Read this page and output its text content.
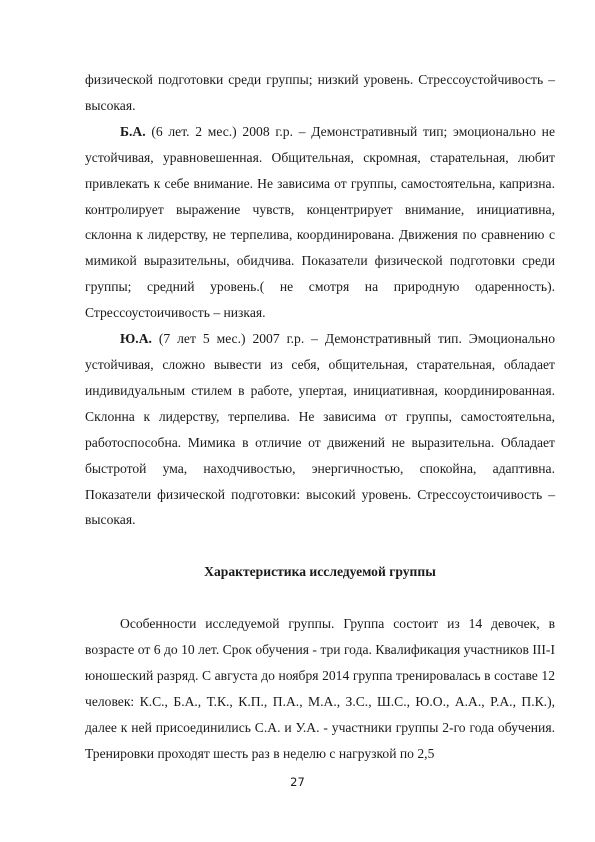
физической подготовки среди группы; низкий уровень. Стрессоустойчивость – высокая.

Б.А. (6 лет. 2 мес.) 2008 г.р. – Демонстративный тип; эмоционально не устойчивая, уравновешенная. Общительная, скромная, старательная, любит привлекать к себе внимание. Не зависима от группы, самостоятельна, капризна. контролирует выражение чувств, концентрирует внимание, инициативна, склонна к лидерству, не терпелива, координирована. Движения по сравнению с мимикой выразительны, обидчива. Показатели физической подготовки среди группы; средний уровень.( не смотря на природную одаренность). Стрессоустоичивость – низкая.

Ю.А. (7 лет 5 мес.) 2007 г.р. – Демонстративный тип. Эмоционально устойчивая, сложно вывести из себя, общительная, старательная, обладает индивидуальным стилем в работе, упертая, инициативная, координированная. Склонна к лидерству, терпелива. Не зависима от группы, самостоятельна, работоспособна. Мимика в отличие от движений не выразительна. Обладает быстротой ума, находчивостью, энергичностью, спокойна, адаптивна. Показатели физической подготовки: высокий уровень. Стрессоустоичивость – высокая.

Характеристика исследуемой группы

Особенности исследуемой группы. Группа состоит из 14 девочек, в возрасте от 6 до 10 лет. Срок обучения - три года. Квалификация участников III-I юношеский разряд. С августа до ноября 2014 группа тренировалась в составе 12 человек: К.С., Б.А., Т.К., К.П., П.А., М.А., З.С., Ш.С., Ю.О., А.А., Р.А., П.К.), далее к ней присоединились С.А. и У.А. - участники группы 2-го года обучения. Тренировки проходят шесть раз в неделю с нагрузкой по 2,5

27
